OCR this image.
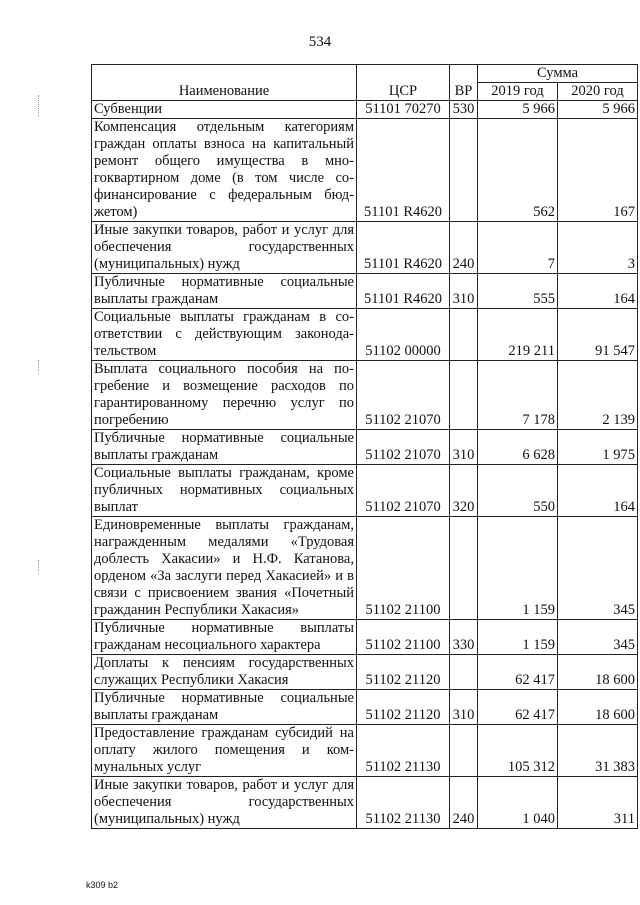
534
Наименование	ЦСР	ВР	Сумма	
			2019 год	2020 год
Субвенции	51101 70270	530	5 966	5 966
Компенсация отдельным категориям граждан оплаты взноса на капитальный ремонт общего имущества в многоквартирном доме (в том числе софинансирование с федеральным бюджетом)	51101 R4620		562	167
Иные закупки товаров, работ и услуг для обеспечения государственных (муниципальных) нужд	51101 R4620	240	7	3
Публичные нормативные социальные выплаты гражданам	51101 R4620	310	555	164
Социальные выплаты гражданам в соответствии с действующим законодательством	51102 00000		219 211	91 547
Выплата социального пособия на погребение и возмещение расходов по гарантированному перечню услуг по погребению	51102 21070		7 178	2 139
Публичные нормативные социальные выплаты гражданам	51102 21070	310	6 628	1 975
Социальные выплаты гражданам, кроме публичных нормативных социальных выплат	51102 21070	320	550	164
Единовременные выплаты гражданам, награжденным медалями «Трудовая доблесть Хакасии» и Н.Ф. Катанова, орденом «За заслуги перед Хакасией» и в связи с присвоением звания «Почетный гражданин Республики Хакасия»	51102 21100		1 159	345
Публичные нормативные выплаты гражданам несоциального характера	51102 21100	330	1 159	345
Доплаты к пенсиям государственных служащих Республики Хакасия	51102 21120		62 417	18 600
Публичные нормативные социальные выплаты гражданам	51102 21120	310	62 417	18 600
Предоставление гражданам субсидий на оплату жилого помещения и коммунальных услуг	51102 21130		105 312	31 383
Иные закупки товаров, работ и услуг для обеспечения государственных (муниципальных) нужд	51102 21130	240	1 040	311
k309 b2
